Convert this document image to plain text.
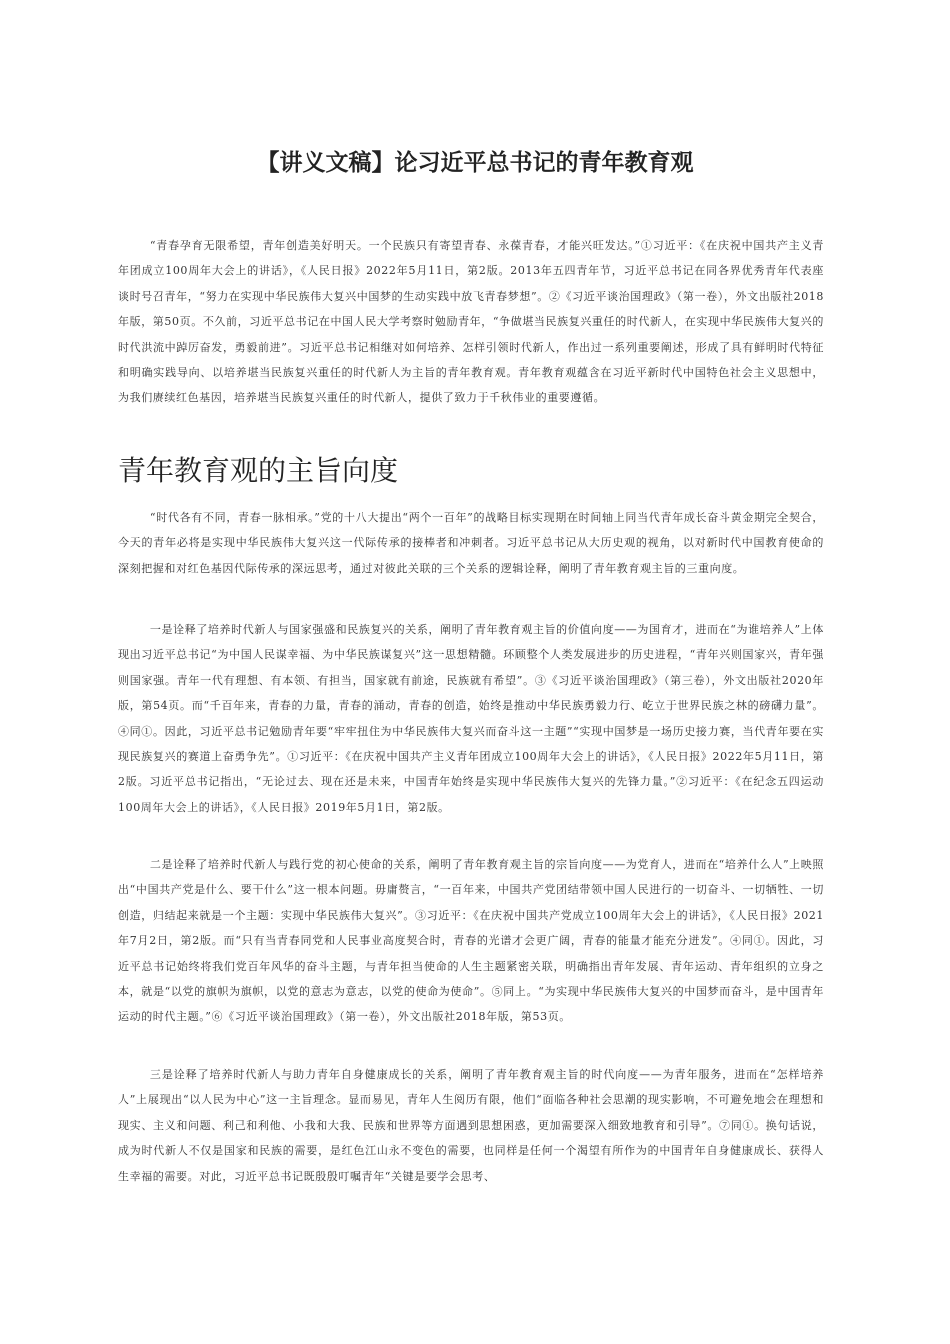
【讲义文稿】论习近平总书记的青年教育观

“青春孕育无限希望，青年创造美好明天。一个民族只有寄望青春、永葆青春，才能兴旺发达。”①习近平：《在庆祝中国共产主义青年团成立100周年大会上的讲话》，《人民日报》2022年5月11日，第2版。2013年五四青年节，习近平总书记在同各界优秀青年代表座谈时号召青年，“努力在实现中华民族伟大复兴中国梦的生动实践中放飞青春梦想”。②《习近平谈治国理政》（第一卷），外文出版社2018年版，第50页。不久前，习近平总书记在中国人民大学考察时勉励青年，“争做堪当民族复兴重任的时代新人，在实现中华民族伟大复兴的时代洪流中踔厉奋发，勇毅前进”。习近平总书记相继对如何培养、怎样引领时代新人，作出过一系列重要阐述，形成了具有鲜明时代特征和明确实践导向、以培养堪当民族复兴重任的时代新人为主旨的青年教育观。青年教育观蕴含在习近平新时代中国特色社会主义思想中，为我们赓续红色基因，培养堪当民族复兴重任的时代新人，提供了致力于千秋伟业的重要遵循。

青年教育观的主旨向度

“时代各有不同，青春一脉相承。”党的十八大提出“两个一百年”的战略目标实现期在时间轴上同当代青年成长奋斗黄金期完全契合，今天的青年必将是实现中华民族伟大复兴这一代际传承的接棒者和冲刺者。习近平总书记从大历史观的视角，以对新时代中国教育使命的深刻把握和对红色基因代际传承的深远思考，通过对彼此关联的三个关系的逻辑诠释，阐明了青年教育观主旨的三重向度。

一是诠释了培养时代新人与国家强盛和民族复兴的关系，阐明了青年教育观主旨的价值向度——为国育才，进而在“为谁培养人”上体现出习近平总书记“为中国人民谋幸福、为中华民族谋复兴”这一思想精髓。环顾整个人类发展进步的历史进程，“青年兴则国家兴，青年强则国家强。青年一代有理想、有本领、有担当，国家就有前途，民族就有希望”。③《习近平谈治国理政》（第三卷），外文出版社2020年版，第54页。而“千百年来，青春的力量，青春的涌动，青春的创造，始终是推动中华民族勇毅力行、屹立于世界民族之林的磅礴力量”。④同①。因此，习近平总书记勉励青年要“牢牢扭住为中华民族伟大复兴而奋斗这一主题”“实现中国梦是一场历史接力赛，当代青年要在实现民族复兴的赛道上奋勇争先”。①习近平：《在庆祝中国共产主义青年团成立100周年大会上的讲话》，《人民日报》2022年5月11日，第2版。习近平总书记指出，“无论过去、现在还是未来，中国青年始终是实现中华民族伟大复兴的先锋力量。”②习近平：《在纪念五四运动100周年大会上的讲话》，《人民日报》2019年5月1日，第2版。

二是诠释了培养时代新人与践行党的初心使命的关系，阐明了青年教育观主旨的宗旨向度——为党育人，进而在“培养什么人”上映照出“中国共产党是什么、要干什么”这一根本问题。毋庸赘言，“一百年来，中国共产党团结带领中国人民进行的一切奋斗、一切牺牲、一切创造，归结起来就是一个主题：实现中华民族伟大复兴”。③习近平：《在庆祝中国共产党成立100周年大会上的讲话》，《人民日报》2021年7月2日，第2版。而“只有当青春同党和人民事业高度契合时，青春的光谱才会更广阔，青春的能量才能充分迸发”。④同①。因此，习近平总书记始终将我们党百年风华的奋斗主题，与青年担当使命的人生主题紧密关联，明确指出青年发展、青年运动、青年组织的立身之本，就是“以党的旗帜为旗帜，以党的意志为意志，以党的使命为使命”。⑤同上。“为实现中华民族伟大复兴的中国梦而奋斗，是中国青年运动的时代主题。”⑥《习近平谈治国理政》（第一卷），外文出版社2018年版，第53页。

三是诠释了培养时代新人与助力青年自身健康成长的关系，阐明了青年教育观主旨的时代向度——为青年服务，进而在“怎样培养人”上展现出“以人民为中心”这一主旨理念。显而易见，青年人生阅历有限，他们“面临各种社会思潮的现实影响，不可避免地会在理想和现实、主义和问题、利己和利他、小我和大我、民族和世界等方面遇到思想困惑，更加需要深入细致地教育和引导”。⑦同①。换句话说，成为时代新人不仅是国家和民族的需要，是红色江山永不变色的需要，也同样是任何一个渴望有所作为的中国青年自身健康成长、获得人生幸福的需要。对此，习近平总书记既殷殷叮嘱青年“关键是要学会思考、
